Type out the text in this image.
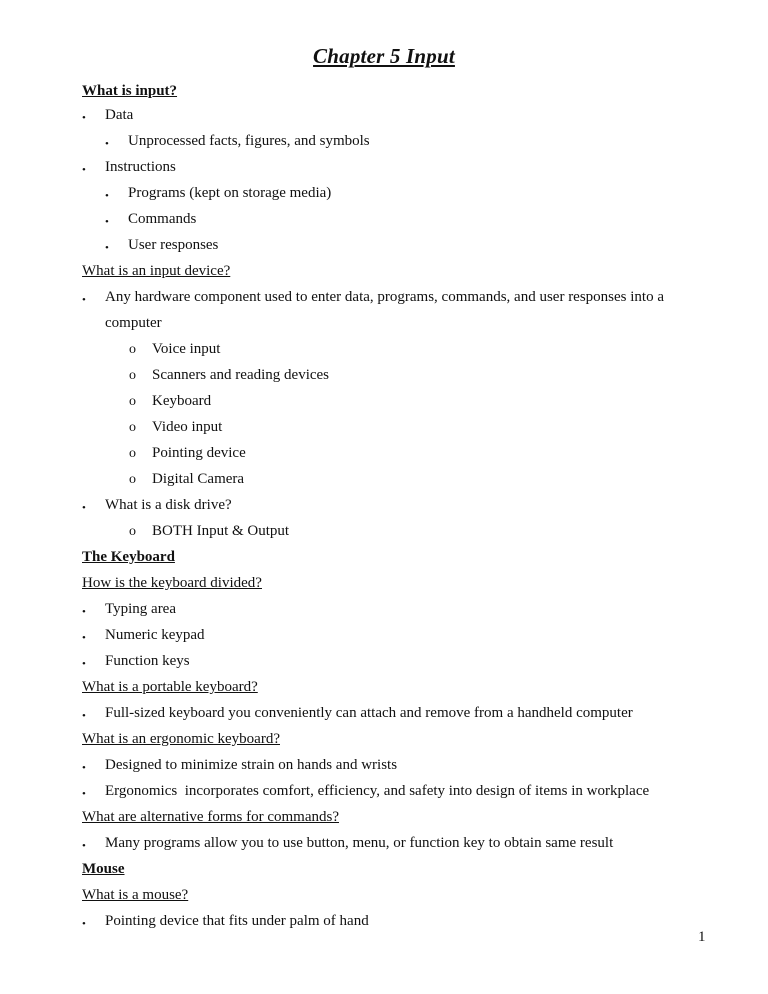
Chapter 5 Input
What is input?
•
Data
•
Unprocessed facts, figures, and symbols
•
Instructions
•
Programs (kept on storage media)
•
Commands
•
User responses
What is an input device?
•
Any hardware component used to enter data, programs, commands, and user responses into a
computer
o
Voice input
o
Scanners and reading devices
o
Keyboard
o
Video input
o
Pointing device
o
Digital Camera
•
What is a disk drive?
o
BOTH Input & Output
The Keyboard
How is the keyboard divided?
•
Typing area
•
Numeric keypad
•
Function keys
What is a portable keyboard?
•
Full-sized keyboard you conveniently can attach and remove from a handheld computer
What is an ergonomic keyboard?
•
Designed to minimize strain on hands and wrists
•
Ergonomics  incorporates comfort, efficiency, and safety into design of items in workplace
What are alternative forms for commands?
•
Many programs allow you to use button, menu, or function key to obtain same result
Mouse
What is a mouse?
•
Pointing device that fits under palm of hand
1
